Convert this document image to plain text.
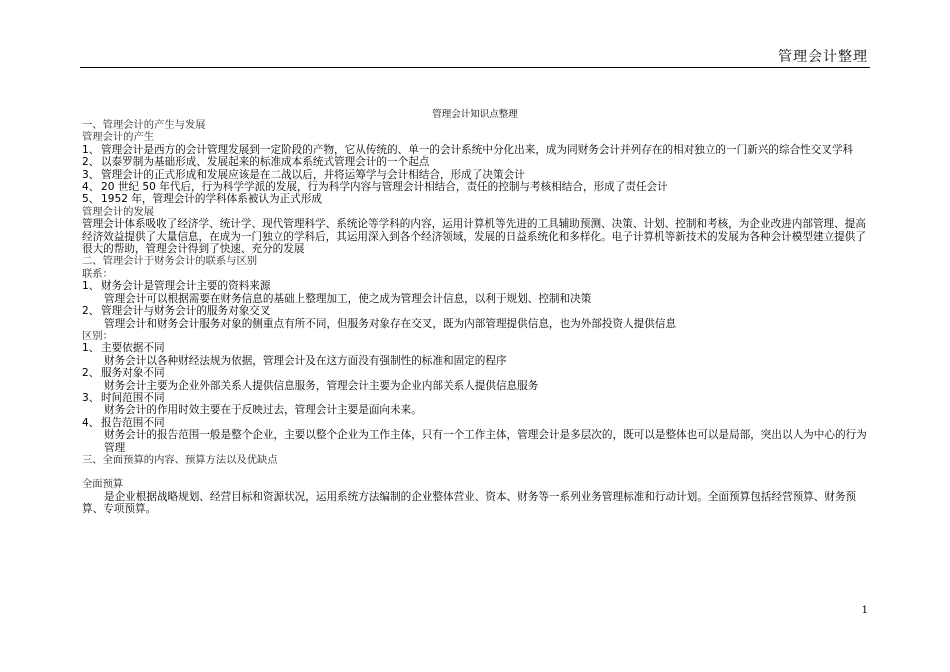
管理会计整理
管理会计知识点整理
一、管理会计的产生与发展
管理会计的产生
1、 管理会计是西方的会计管理发展到一定阶段的产物，它从传统的、单一的会计系统中分化出来，成为同财务会计并列存在的相对独立的一门新兴的综合性交叉学科
2、 以泰罗制为基础形成、发展起来的标准成本系统式管理会计的一个起点
3、 管理会计的正式形成和发展应该是在二战以后，并将运筹学与会计相结合，形成了决策会计
4、 20 世纪 50 年代后，行为科学学派的发展，行为科学内容与管理会计相结合，责任的控制与考核相结合，形成了责任会计
5、 1952 年，管理会计的学科体系被认为正式形成
管理会计的发展
管理会计体系吸收了经济学、统计学、现代管理科学、系统论等学科的内容，运用计算机等先进的工具辅助预测、决策、计划、控制和考核，为企业改进内部管理、提高经济效益提供了大量信息，在成为一门独立的学科后，其运用深入到各个经济领域，发展的日益系统化和多样化。电子计算机等新技术的发展为各种会计模型建立提供了很大的帮助，管理会计得到了快速、充分的发展
二、管理会计于财务会计的联系与区别
联系：
1、 财务会计是管理会计主要的资料来源
管理会计可以根据需要在财务信息的基础上整理加工，使之成为管理会计信息，以利于规划、控制和决策
2、 管理会计与财务会计的服务对象交叉
管理会计和财务会计服务对象的侧重点有所不同，但服务对象存在交叉，既为内部管理提供信息，也为外部投资人提供信息
区别：
1、 主要依据不同
财务会计以各种财经法规为依据，管理会计及在这方面没有强制性的标准和固定的程序
2、 服务对象不同
财务会计主要为企业外部关系人提供信息服务，管理会计主要为企业内部关系人提供信息服务
3、 时间范围不同
财务会计的作用时效主要在于反映过去，管理会计主要是面向未来。
4、 报告范围不同
财务会计的报告范围一般是整个企业，主要以整个企业为工作主体，只有一个工作主体，管理会计是多层次的，既可以是整体也可以是局部，突出以人为中心的行为管理
三、全面预算的内容、预算方法以及优缺点
全面预算
是企业根据战略规划、经营目标和资源状况，运用系统方法编制的企业整体营业、资本、财务等一系列业务管理标准和行动计划。全面预算包括经营预算、财务预算、专项预算。
1
